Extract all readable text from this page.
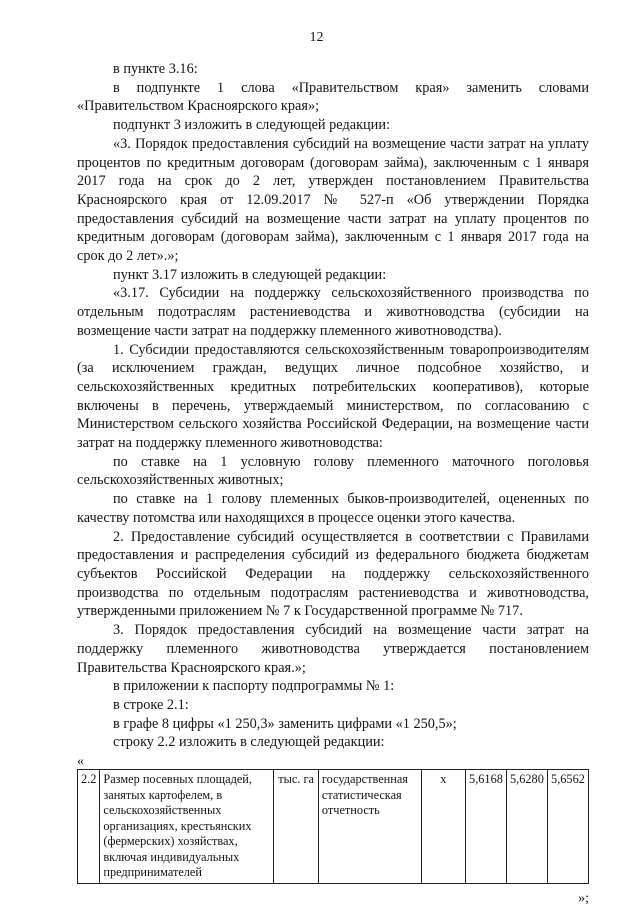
12

в пункте 3.16:

в подпункте 1 слова «Правительством края» заменить словами «Правительством Красноярского края»;

подпункт 3 изложить в следующей редакции:

«3. Порядок предоставления субсидий на возмещение части затрат на уплату процентов по кредитным договорам (договорам займа), заключенным с 1 января 2017 года на срок до 2 лет, утвержден постановлением Правительства Красноярского края от 12.09.2017 № 527-п «Об утверждении Порядка предоставления субсидий на возмещение части затрат на уплату процентов по кредитным договорам (договорам займа), заключенным с 1 января 2017 года на срок до 2 лет».»;

пункт 3.17 изложить в следующей редакции:

«3.17. Субсидии на поддержку сельскохозяйственного производства по отдельным подотраслям растениеводства и животноводства (субсидии на возмещение части затрат на поддержку племенного животноводства).

1. Субсидии предоставляются сельскохозяйственным товаропроизводителям (за исключением граждан, ведущих личное подсобное хозяйство, и сельскохозяйственных кредитных потребительских кооперативов), которые включены в перечень, утверждаемый министерством, по согласованию с Министерством сельского хозяйства Российской Федерации, на возмещение части затрат на поддержку племенного животноводства:

по ставке на 1 условную голову племенного маточного поголовья сельскохозяйственных животных;

по ставке на 1 голову племенных быков-производителей, оцененных по качеству потомства или находящихся в процессе оценки этого качества.

2. Предоставление субсидий осуществляется в соответствии с Правилами предоставления и распределения субсидий из федерального бюджета бюджетам субъектов Российской Федерации на поддержку сельскохозяйственного производства по отдельным подотраслям растениеводства и животноводства, утвержденными приложением № 7 к Государственной программе № 717.

3. Порядок предоставления субсидий на возмещение части затрат на поддержку племенного животноводства утверждается постановлением Правительства Красноярского края.»;

в приложении к паспорту подпрограммы № 1:

в строке 2.1:

в графе 8 цифры «1 250,3» заменить цифрами «1 250,5»;

строку 2.2 изложить в следующей редакции:

«
2.2	Размер посевных площадей, занятых картофелем, в сельскохозяйственных организациях, крестьянских (фермерских) хозяйствах, включая индивидуальных предпринимателей	тыс. га	государственная статистическая отчетность	x	5,6168	5,6280	5,6562
»;
